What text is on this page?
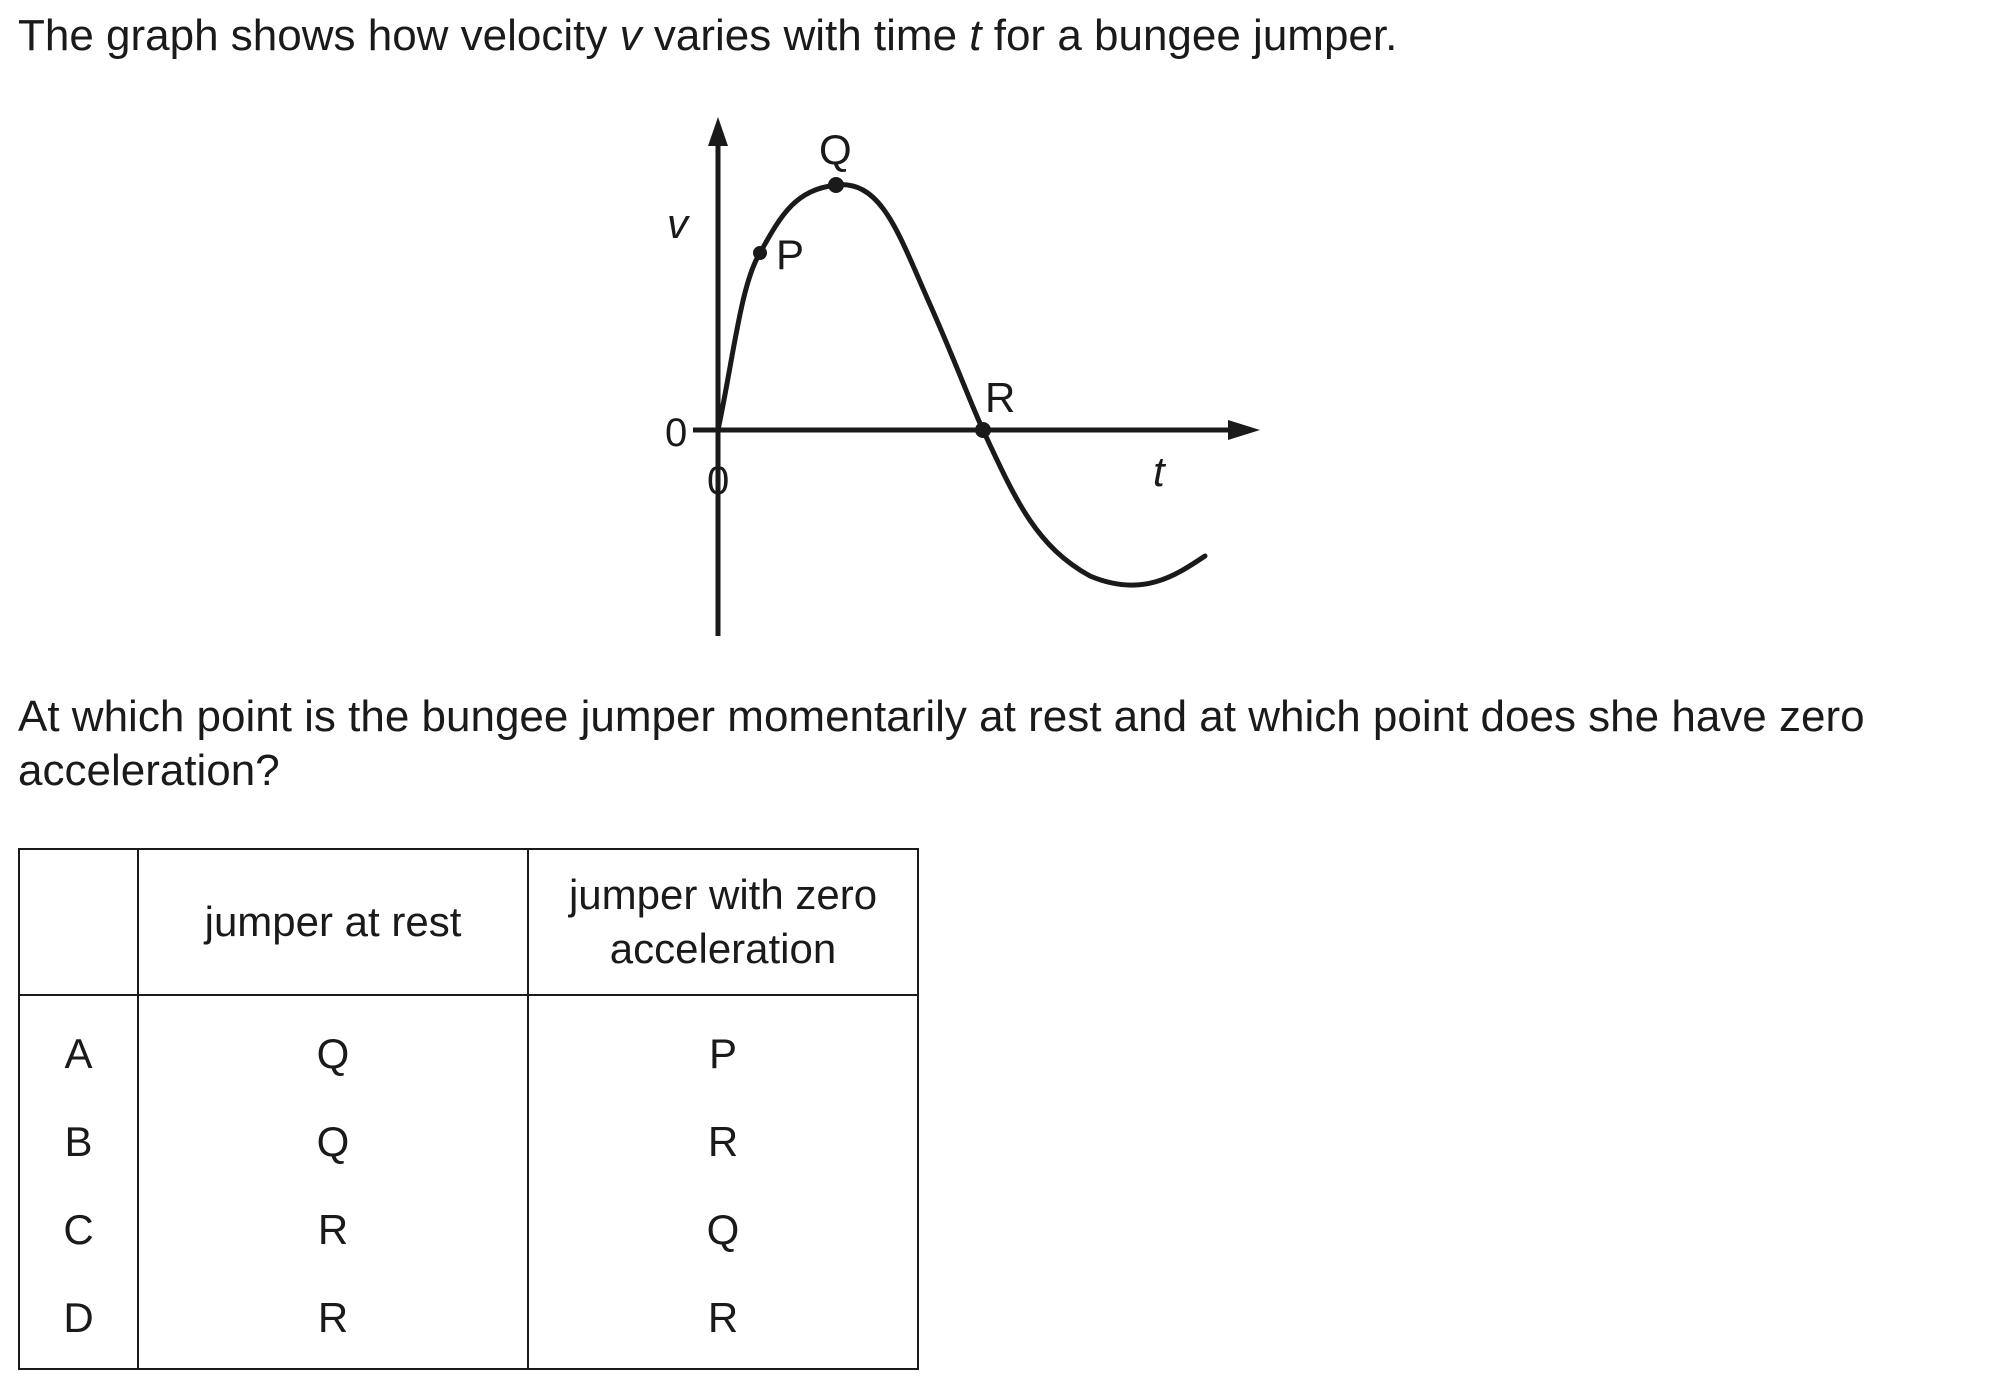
The graph shows how velocity v varies with time t for a bungee jumper.

P
Q
R
v
t
0
0

At which point is the bungee jumper momentarily at rest and at which point does she have zero acceleration?

	jumper at rest	jumper with zero
acceleration
A	Q	P
B	Q	R
C	R	Q
D	R	R
